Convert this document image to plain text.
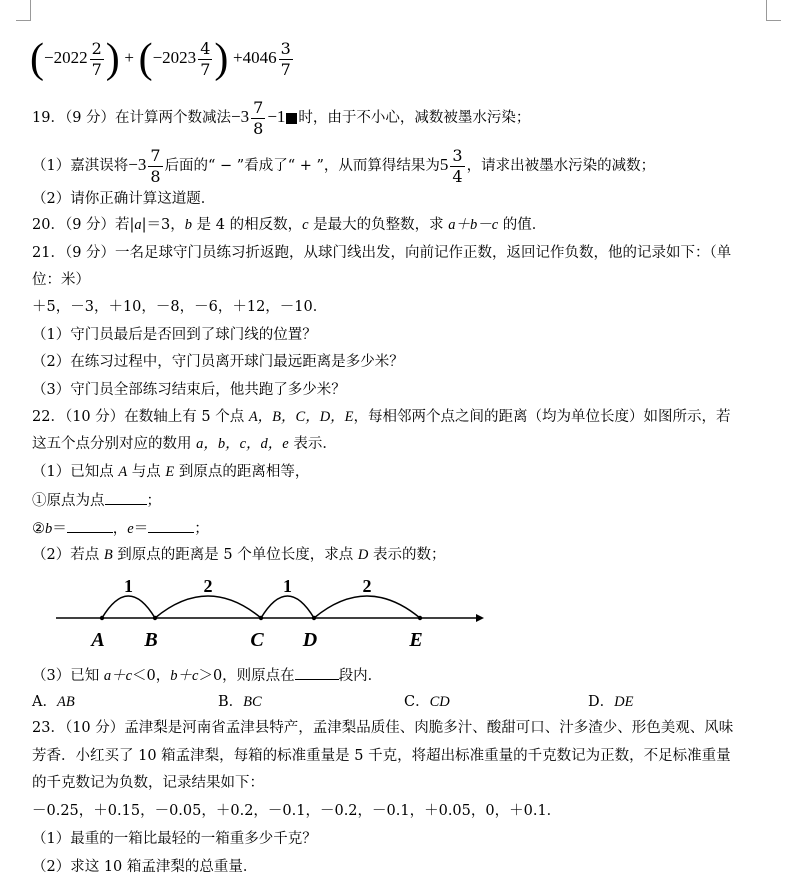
($-2022 \frac{2}{7}$ ) + ($-2023 \frac{4}{7}$ ) $+4046 \frac{3}{7}$
19．（9 分）在计算两个数减法$-3 \frac{7}{8} -1$ 时，由于不小心，减数被墨水污染；
（1）嘉淇误将$-3 \frac{7}{8}$ 后面的“ − ”看成了“ + ”，从而算得结果为$5 \frac{3}{4}$ ，请求出被墨水污染的减数；
（2）请你正确计算这道题．
20．（9 分）若|a|＝3，b 是 4 的相反数，c 是最大的负整数，求 a＋b－c 的值．
21．（9 分）一名足球守门员练习折返跑，从球门线出发，向前记作正数，返回记作负数，他的记录如下：（单
位：米）
＋5，－3，＋10，－8，－6，＋12，－10．
（1）守门员最后是否回到了球门线的位置？
（2）在练习过程中，守门员离开球门最远距离是多少米？
（3）守门员全部练习结束后，他共跑了多少米？
22．（10 分）在数轴上有 5 个点 A，B，C，D，E，每相邻两个点之间的距离（均为单位长度）如图所示，若
这五个点分别对应的数用 a，b，c，d，e 表示．
（1）已知点 A 与点 E 到原点的距离相等，
①原点为点	；
②b＝	，e＝	；
（2）若点 B 到原点的距离是 5 个单位长度，求点 D 表示的数；
1	2	1	2
A B	C D	E
（3）已知 a＋c＜0，b＋c＞0，则原点在	段内．
A．AB	B．BC	C．CD	D．DE
23．（10 分）孟津梨是河南省孟津县特产，孟津梨品质佳、肉脆多汁、酸甜可口、汁多渣少、形色美观、风味
芳香．小红买了 10 箱孟津梨，每箱的标准重量是 5 千克，将超出标准重量的千克数记为正数，不足标准重量
的千克数记为负数，记录结果如下：
－0.25，＋0.15，－0.05，＋0.2，－0.1，－0.2，－0.1，＋0.05，0，＋0.1．
（1）最重的一箱比最轻的一箱重多少千克？
（2）求这 10 箱孟津梨的总重量．
